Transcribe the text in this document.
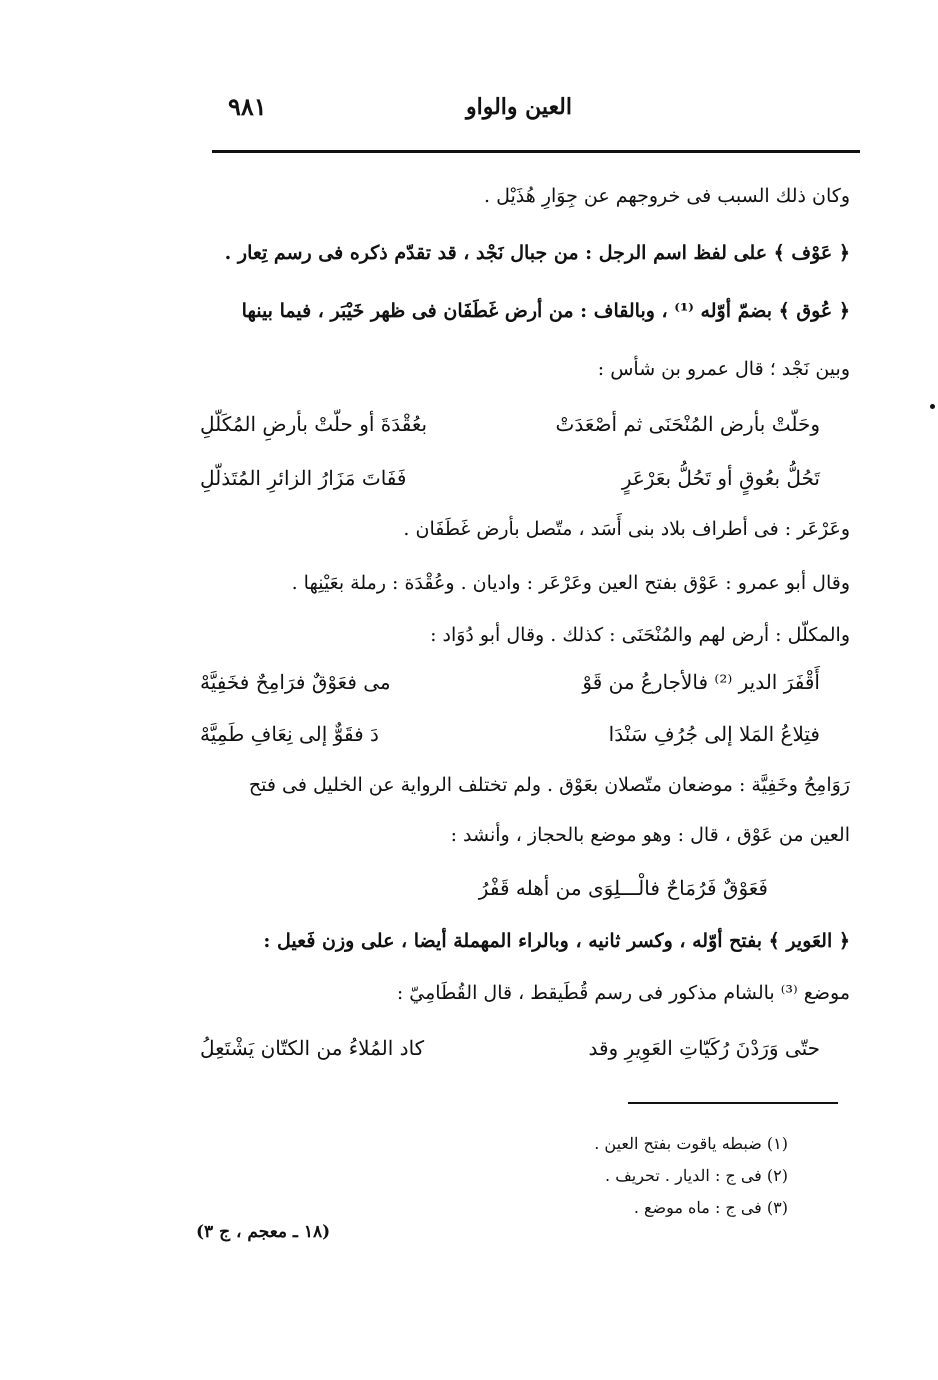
العين والواو
٩٨١
وكان ذلك السبب فى خروجهم عن جِوَارِ هُذَيْل .
﴿ عَوْف ﴾ على لفظ اسم الرجل : من جبال نَجْد ، قد تقدّم ذكره فى رسم تِعار .
﴿ عُوق ﴾ بضمّ أوّله ⁽¹⁾ ، وبالقاف : من أرض غَطَفَان فى ظهر خَيْبَر ، فيما بينها
وبين نَجْد ؛ قال عمرو بن شأس :
وعَرْعَر : فى أطراف بلاد بنى أَسَد ، متّصل بأرض غَطَفَان .
وقال أبو عمرو : عَوْق بفتح العين وعَرْعَر : واديان . وعُقْدَة : رملة بعَيْنِها .
والمكلّل : أرض لهم والمُنْحَنَى : كذلك . وقال أبو دُوَاد :
رَوَامِحُ وخَفِيَّة : موضعان متّصلان بعَوْق . ولم تختلف الرواية عن الخليل فى فتح
العين من عَوْق ، قال : وهو موضع بالحجاز ، وأنشد :
﴿ العَوير ﴾ بفتح أوّله ، وكسر ثانيه ، وبالراء المهملة أيضا ، على وزن فَعيل :
موضع ⁽³⁾ بالشام مذكور فى رسم قُطَيقط ، قال القُطَامِيّ :
وحَلّتْ بأرض المُنْحَنَى ثم أصْعَدَتْ
بعُقْدَةَ أو حلّتْ بأرضِ المُكَلّلِ
تَحُلُّ بعُوقٍ أو تَحُلُّ بعَرْعَرٍ
فَفَاتَ مَزَارُ الزائرِ المُتَذلّلِ
أَقْفَرَ الدير ⁽²⁾ فالأجارعُ من قَوْ
مى فعَوْقٌ فرَامِحٌ فخَفِيَّهْ
فتِلاعُ المَلا إلى جُرُفِ سَنْدَا
دَ فقَوٌّ إلى نِعَافِ طَمِيَّهْ
فَعَوْقٌ فَرُمَاحٌ فالْـــلِوَى من أهله قَفْرُ
حتّى وَرَدْنَ رُكَيّاتِ العَوِيرِ وقد
كاد المُلاءُ من الكتّان يَشْتَعِلُ
(١) ضبطه ياقوت بفتح العين .
(٢) فى ج : الديار . تحريف .
(٣) فى ج : ماه موضع .
(١٨ ـ معجم ، ج ٣)
